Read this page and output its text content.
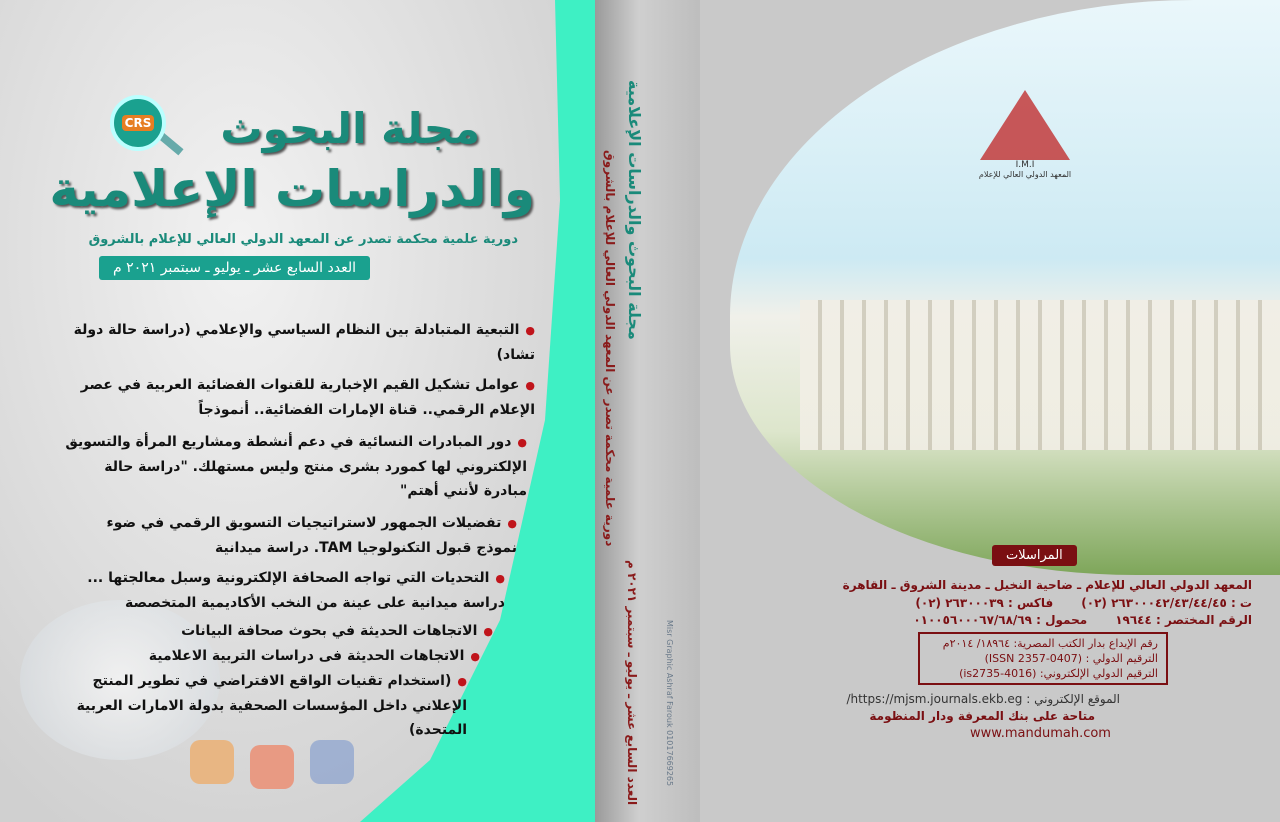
CRS مجلة البحوث
والدراسات الإعلامية
دورية علمية محكمة تصدر عن المعهد الدولي العالي للإعلام بالشروق
العدد السابع عشر ـ يوليو ـ سبتمبر ٢٠٢١ م
● التبعية المتبادلة بين النظام السياسي والإعلامي (دراسة حالة دولة تشاد)
● عوامل تشكيل القيم الإخبارية للقنوات الفضائية العربية في عصر الإعلام الرقمي.. قناة الإمارات الفضائية.. أنموذجاً
● دور المبادرات النسائية في دعم أنشطة ومشاريع المرأة والتسويق الإلكتروني لها كمورد بشرى منتج وليس مستهلك. "دراسة حالة مبادرة لأنني أهتم"
● تفضيلات الجمهور لاستراتيجيات التسويق الرقمي في ضوء نموذج قبول التكنولوجيا TAM. دراسة ميدانية
● التحديات التي تواجه الصحافة الإلكترونية وسبل معالجتها ... دراسة ميدانية على عينة من النخب الأكاديمية المتخصصة
● الاتجاهات الحديثة في بحوث صحافة البيانات
● الاتجاهات الحديثة فى دراسات التربية الاعلامية
● (استخدام تقنيات الواقع الافتراضي في تطوير المنتج الإعلاني داخل المؤسسات الصحفية بدولة الامارات العربية المتحدة)
مجلة البحوث والدراسات الإعلامية
دورية علمية محكمة تصدر عن المعهد الدولي العالي للإعلام بالشروق
العدد السابع عشر ـ يوليو ـ سبتمبر ٢٠٢١ م	Misr Graphic Ashraf Farouk 01017669265
I.M.I
المعهد الدولي العالي للإعلام
المراسلات
المعهد الدولي العالي للإعلام ـ ضاحية النخيل ـ مدينة الشروق ـ القاهرة
ت : ٢٦٣٠٠٠٤٢/٤٣/٤٤/٤٥ (٠٢)
فاكس : ٢٦٣٠٠٠٣٩ (٠٢)
الرقم المختصر : ١٩٦٤٤
محمول : ٠١٠٠٥٦٠٠٠٦٧/٦٨/٦٩
رقم الإيداع بدار الكتب المصرية: ١٨٩٦٤/ ٢٠١٤م
الترقيم الدولي : (ISSN 2357-0407)
الترقيم الدولي الإلكتروني: (is2735-4016)
الموقع الإلكتروني : https://mjsm.journals.ekb.eg/
متاحة على بنك المعرفة ودار المنظومة
www.mandumah.com
